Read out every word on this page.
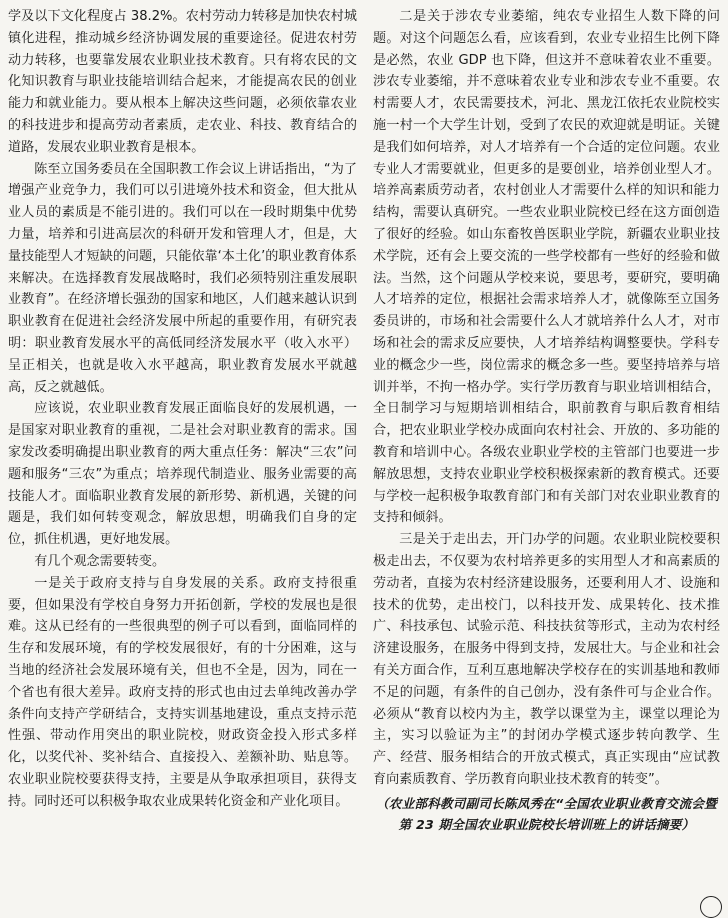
学及以下文化程度占 38.2%。农村劳动力转移是加快农村城镇化进程，推动城乡经济协调发展的重要途径。促进农村劳动力转移，也要靠发展农业职业技术教育。只有将农民的文化知识教育与职业技能培训结合起来，才能提高农民的创业能力和就业能力。要从根本上解决这些问题，必须依靠农业的科技进步和提高劳动者素质，走农业、科技、教育结合的道路，发展农业职业教育是根本。

陈至立国务委员在全国职教工作会议上讲话指出，“为了增强产业竞争力，我们可以引进境外技术和资金，但大批从业人员的素质是不能引进的。我们可以在一段时期集中优势力量，培养和引进高层次的科研开发和管理人才，但是，大量技能型人才短缺的问题，只能依靠‘本土化’的职业教育体系来解决。在选择教育发展战略时，我们必须特别注重发展职业教育”。在经济增长强劲的国家和地区，人们越来越认识到职业教育在促进社会经济发展中所起的重要作用，有研究表明：职业教育发展水平的高低同经济发展水平（收入水平）呈正相关，也就是收入水平越高，职业教育发展水平就越高，反之就越低。

应该说，农业职业教育发展正面临良好的发展机遇，一是国家对职业教育的重视，二是社会对职业教育的需求。国家发改委明确提出职业教育的两大重点任务：解决“三农”问题和服务“三农”为重点；培养现代制造业、服务业需要的高技能人才。面临职业教育发展的新形势、新机遇，关键的问题是，我们如何转变观念，解放思想，明确我们自身的定位，抓住机遇，更好地发展。

有几个观念需要转变。

一是关于政府支持与自身发展的关系。政府支持很重要，但如果没有学校自身努力开拓创新，学校的发展也是很难。这从已经有的一些很典型的例子可以看到，面临同样的生存和发展环境，有的学校发展很好，有的十分困难，这与当地的经济社会发展环境有关，但也不全是，因为，同在一个省也有很大差异。政府支持的形式也由过去单纯改善办学条件向支持产学研结合，支持实训基地建设，重点支持示范性强、带动作用突出的职业院校，财政资金投入形式多样化，以奖代补、奖补结合、直接投入、差额补助、贴息等。农业职业院校要获得支持，主要是从争取承担项目，获得支持。同时还可以积极争取农业成果转化资金和产业化项目。

二是关于涉农专业萎缩，纯农专业招生人数下降的问题。对这个问题怎么看，应该看到，农业专业招生比例下降是必然，农业 GDP 也下降，但这并不意味着农业不重要。涉农专业萎缩，并不意味着农业专业和涉农专业不重要。农村需要人才，农民需要技术，河北、黑龙江依托农业院校实施一村一个大学生计划，受到了农民的欢迎就是明证。关键是我们如何培养，对人才培养有一个合适的定位问题。农业专业人才需要就业，但更多的是要创业，培养创业型人才。培养高素质劳动者，农村创业人才需要什么样的知识和能力结构，需要认真研究。一些农业职业院校已经在这方面创造了很好的经验。如山东畜牧兽医职业学院，新疆农业职业技术学院，还有会上要交流的一些学校都有一些好的经验和做法。当然，这个问题从学校来说，要思考，要研究，要明确人才培养的定位，根据社会需求培养人才，就像陈至立国务委员讲的，市场和社会需要什么人才就培养什么人才，对市场和社会的需求反应要快，人才培养结构调整要快。学科专业的概念少一些，岗位需求的概念多一些。要坚持培养与培训并举，不拘一格办学。实行学历教育与职业培训相结合，全日制学习与短期培训相结合，职前教育与职后教育相结合，把农业职业学校办成面向农村社会、开放的、多功能的教育和培训中心。各级农业职业学校的主管部门也要进一步解放思想，支持农业职业学校积极探索新的教育模式。还要与学校一起积极争取教育部门和有关部门对农业职业教育的支持和倾斜。

三是关于走出去，开门办学的问题。农业职业院校要积极走出去，不仅要为农村培养更多的实用型人才和高素质的劳动者，直接为农村经济建设服务，还要利用人才、设施和技术的优势，走出校门，以科技开发、成果转化、技术推广、科技承包、试验示范、科技扶贫等形式，主动为农村经济建设服务，在服务中得到支持，发展壮大。与企业和社会有关方面合作，互利互惠地解决学校存在的实训基地和教师不足的问题，有条件的自己创办，没有条件可与企业合作。必须从“教育以校内为主，教学以课堂为主，课堂以理论为主，实习以验证为主”的封闭办学模式逐步转向教学、生产、经营、服务相结合的开放式模式，真正实现由“应试教育向素质教育、学历教育向职业技术教育的转变”。

（农业部科教司副司长陈凤秀在“全国农业职业教育交流会暨第 23 期全国农业职业院校长培训班上的讲话摘要）
